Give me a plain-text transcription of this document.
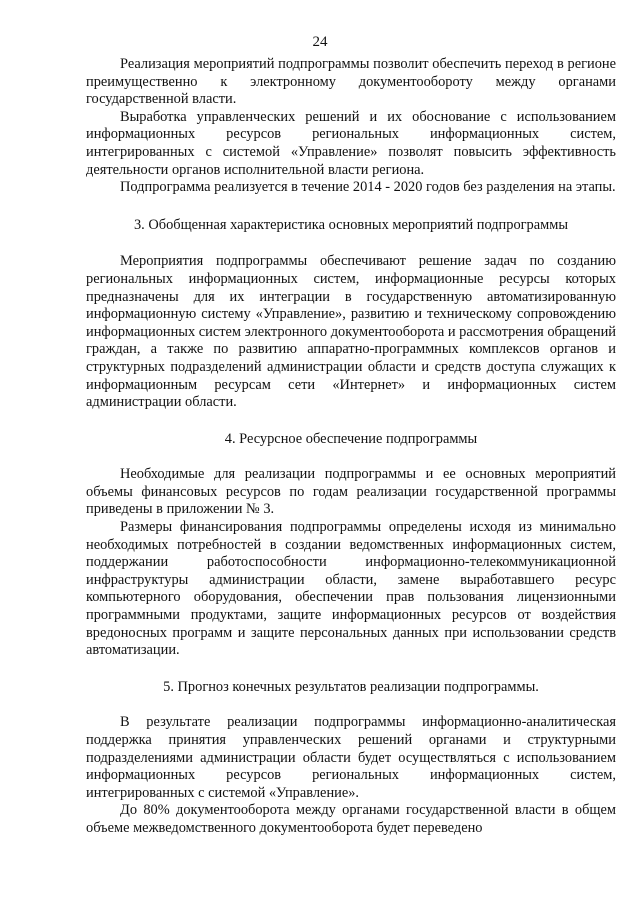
24

Реализация мероприятий подпрограммы позволит обеспечить переход в регионе преимущественно к электронному документообороту между органами государственной власти.

Выработка управленческих решений и их обоснование с использованием информационных ресурсов региональных информационных систем, интегрированных с системой «Управление» позволят повысить эффективность деятельности органов исполнительной власти региона.

Подпрограмма реализуется в течение 2014 - 2020 годов без разделения на этапы.

3. Обобщенная характеристика основных мероприятий подпрограммы

Мероприятия подпрограммы обеспечивают решение задач по созданию региональных информационных систем, информационные ресурсы которых предназначены для их интеграции в государственную автоматизированную информационную систему «Управление», развитию и техническому сопровождению информационных систем электронного документооборота и рассмотрения обращений граждан, а также по развитию аппаратно-программных комплексов органов и структурных подразделений администрации области и средств доступа служащих к информационным ресурсам сети «Интернет» и информационных систем администрации области.

4. Ресурсное обеспечение подпрограммы

Необходимые для реализации подпрограммы и ее основных мероприятий объемы финансовых ресурсов по годам реализации государственной программы приведены в приложении № 3.

Размеры финансирования подпрограммы определены исходя из минимально необходимых потребностей в создании ведомственных информационных систем, поддержании работоспособности информационно-телекоммуникационной инфраструктуры администрации области, замене выработавшего ресурс компьютерного оборудования, обеспечении прав пользования лицензионными программными продуктами, защите информационных ресурсов от воздействия вредоносных программ и защите персональных данных при использовании средств автоматизации.

5. Прогноз конечных результатов реализации подпрограммы.

В результате реализации подпрограммы информационно-аналитическая поддержка принятия управленческих решений органами и структурными подразделениями администрации области будет осуществляться с использованием информационных ресурсов региональных информационных систем, интегрированных с системой «Управление».

До 80% документооборота между органами государственной власти в общем объеме межведомственного документооборота будет переведено
